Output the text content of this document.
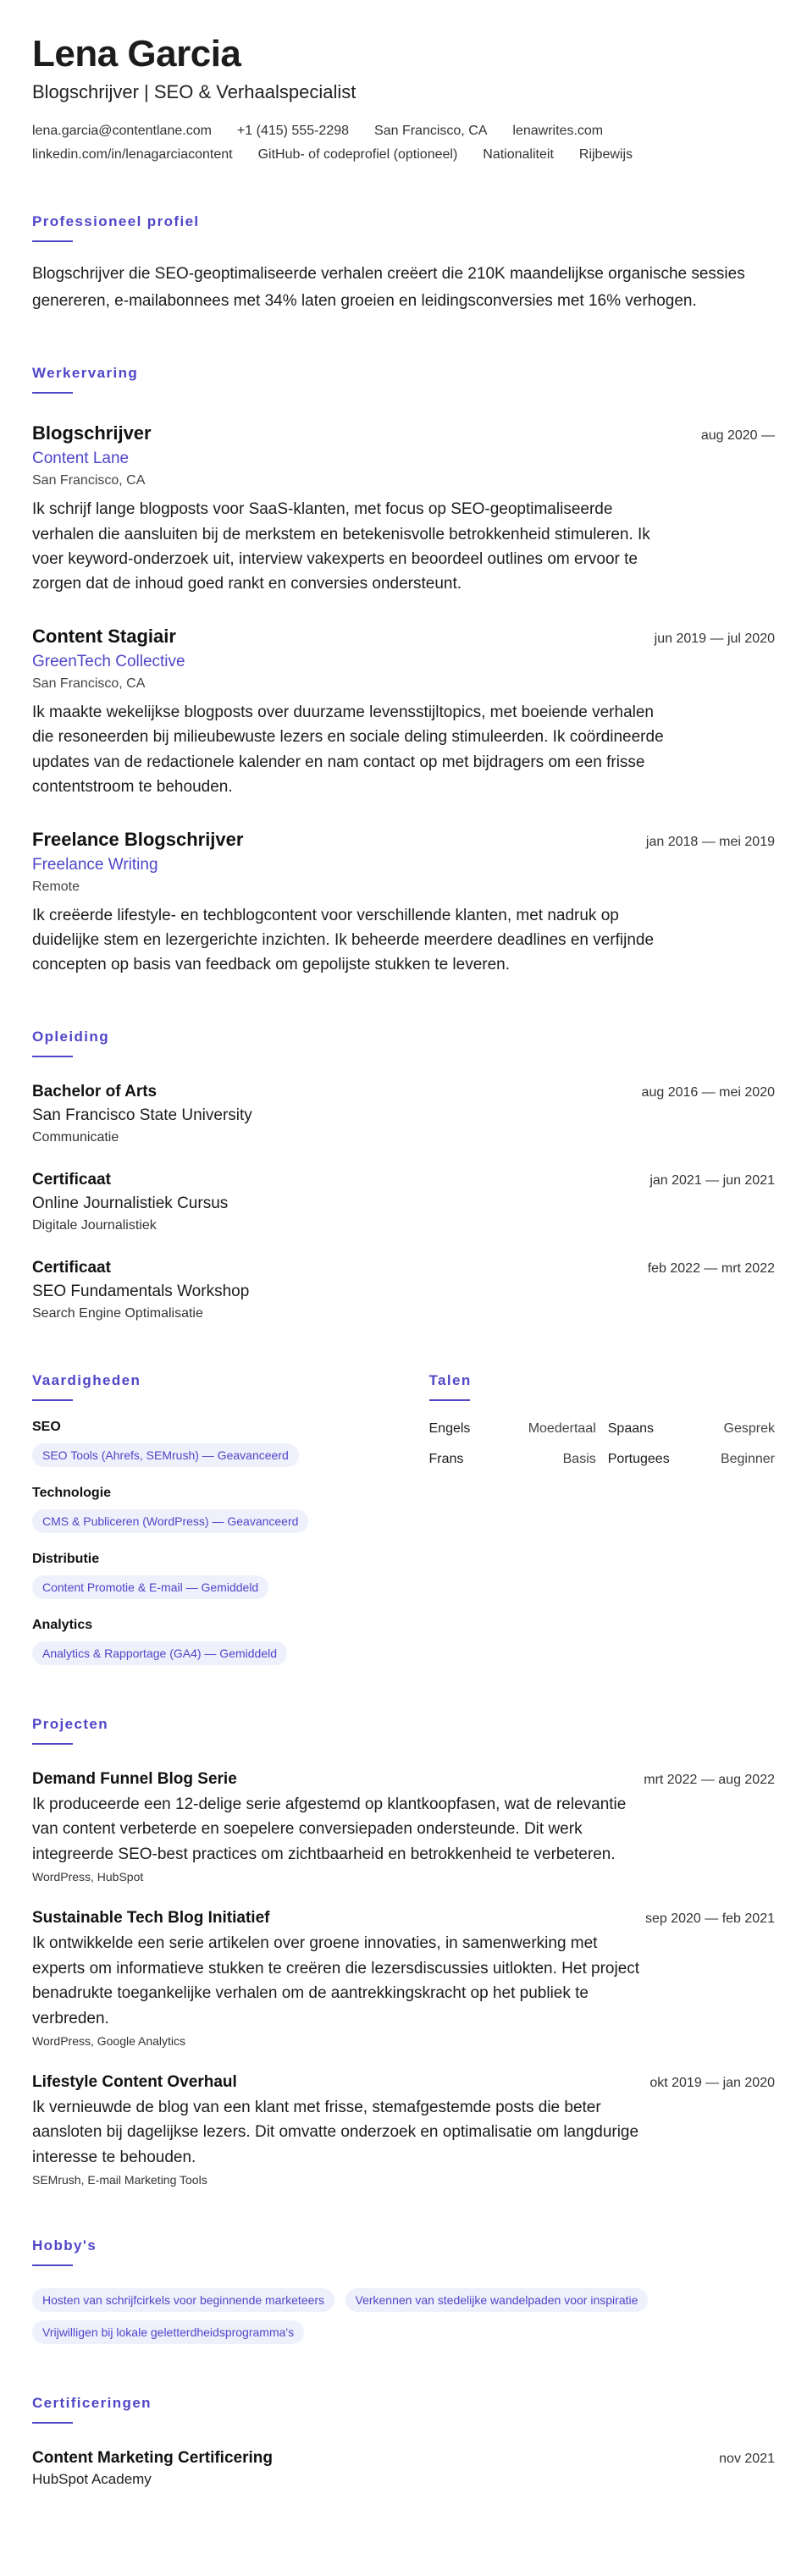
Lena Garcia
Blogschrijver | SEO & Verhaalspecialist
lena.garcia@contentlane.com +1 (415) 555-2298 San Francisco, CA lenawrites.com
linkedin.com/in/lenagarciacontent GitHub- of codeprofiel (optioneel) Nationaliteit Rijbewijs
Professioneel profiel

Blogschrijver die SEO-geoptimaliseerde verhalen creëert die 210K maandelijkse organische sessies genereren, e-mailabonnees met 34% laten groeien en leidingsconversies met 16% verhogen.

Werkervaring
Blogschrijver	aug 2020 —
Content Lane
San Francisco, CA
Ik schrijf lange blogposts voor SaaS-klanten, met focus op SEO-geoptimaliseerde verhalen die aansluiten bij de merkstem en betekenisvolle betrokkenheid stimuleren. Ik voer keyword-onderzoek uit, interview vakexperts en beoordeel outlines om ervoor te zorgen dat de inhoud goed rankt en conversies ondersteunt.
Content Stagiair	jun 2019 — jul 2020
GreenTech Collective
San Francisco, CA
Ik maakte wekelijkse blogposts over duurzame levensstijltopics, met boeiende verhalen die resoneerden bij milieubewuste lezers en sociale deling stimuleerden. Ik coördineerde updates van de redactionele kalender en nam contact op met bijdragers om een frisse contentstroom te behouden.
Freelance Blogschrijver	jan 2018 — mei 2019
Freelance Writing
Remote
Ik creëerde lifestyle- en techblogcontent voor verschillende klanten, met nadruk op duidelijke stem en lezergerichte inzichten. Ik beheerde meerdere deadlines en verfijnde concepten op basis van feedback om gepolijste stukken te leveren.
Opleiding
Bachelor of Arts	aug 2016 — mei 2020
San Francisco State University
Communicatie
Certificaat	jan 2021 — jun 2021
Online Journalistiek Cursus
Digitale Journalistiek
Certificaat	feb 2022 — mrt 2022
SEO Fundamentals Workshop
Search Engine Optimalisatie
Vaardigheden
SEO
SEO Tools (Ahrefs, SEMrush) — Geavanceerd
Technologie
CMS & Publiceren (WordPress) — Geavanceerd
Distributie
Content Promotie & E-mail — Gemiddeld
Analytics
Analytics & Rapportage (GA4) — Gemiddeld
Talen
Engels	Moedertaal Spaans	Gesprek
Frans	Basis Portugees	Beginner
Projecten
Demand Funnel Blog Serie	mrt 2022 — aug 2022
Ik produceerde een 12-delige serie afgestemd op klantkoopfasen, wat de relevantie van content verbeterde en soepelere conversiepaden ondersteunde. Dit werk integreerde SEO-best practices om zichtbaarheid en betrokkenheid te verbeteren.
WordPress, HubSpot
Sustainable Tech Blog Initiatief	sep 2020 — feb 2021
Ik ontwikkelde een serie artikelen over groene innovaties, in samenwerking met experts om informatieve stukken te creëren die lezersdiscussies uitlokten. Het project benadrukte toegankelijke verhalen om de aantrekkingskracht op het publiek te verbreden.
WordPress, Google Analytics
Lifestyle Content Overhaul	okt 2019 — jan 2020
Ik vernieuwde de blog van een klant met frisse, stemafgestemde posts die beter aansloten bij dagelijkse lezers. Dit omvatte onderzoek en optimalisatie om langdurige interesse te behouden.
SEMrush, E-mail Marketing Tools
Hobby's
Hosten van schrijfcirkels voor beginnende marketeers	Verkennen van stedelijke wandelpaden voor inspiratie Vrijwilligen bij lokale geletterdheidsprogramma's
Certificeringen
Content Marketing Certificering	nov 2021
HubSpot Academy
